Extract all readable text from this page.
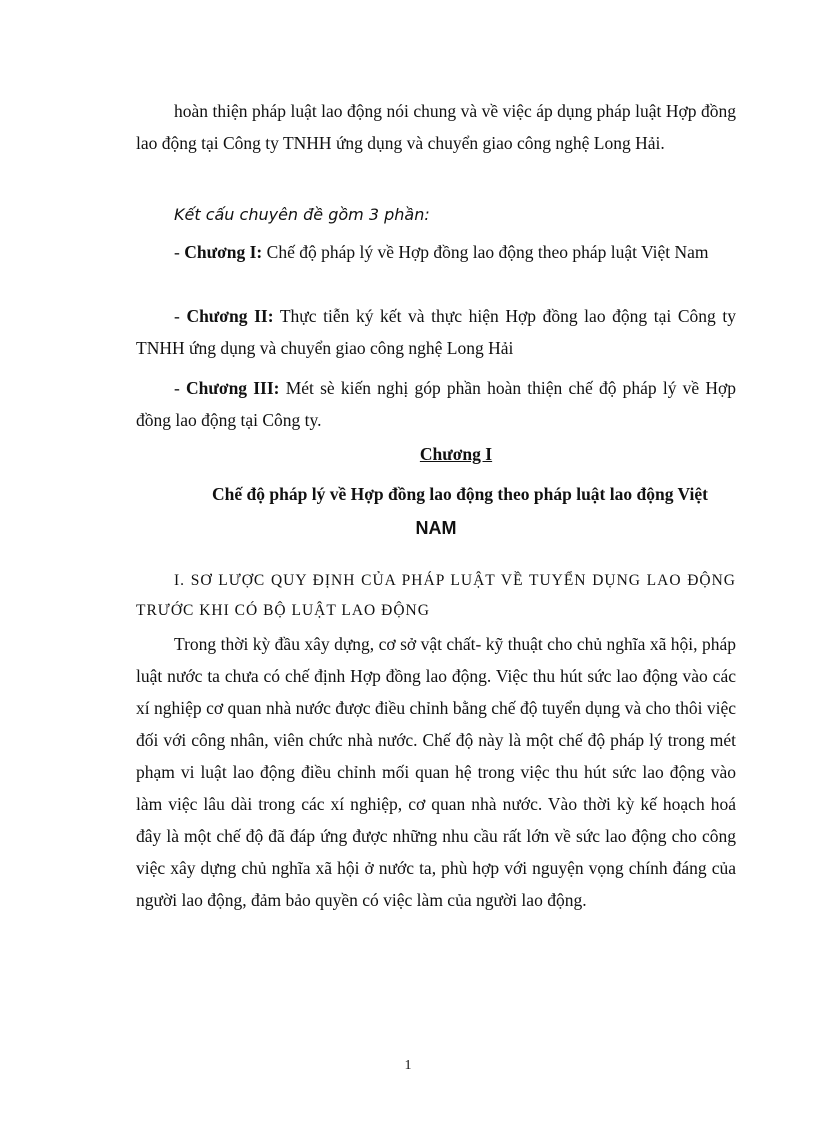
hoàn thiện pháp luật lao động nói chung và về việc áp dụng pháp luật Hợp đồng lao động tại Công ty TNHH ứng dụng và chuyển giao công nghệ Long Hải.
Kết cấu chuyên đề gồm 3 phần:
- Chương I: Chế độ pháp lý về Hợp đồng lao động theo pháp luật Việt Nam
- Chương II: Thực tiễn ký kết và thực hiện Hợp đồng lao động tại Công ty TNHH ứng dụng và chuyển giao công nghệ Long Hải
- Chương III: Mét sè kiến nghị góp phần hoàn thiện chế độ pháp lý về Hợp đồng lao động tại Công ty.
Chương I
Chế độ pháp lý về Hợp đồng lao động theo pháp luật lao động Việt
NAM
I. SƠ LƯỢC QUY ĐỊNH CỦA PHÁP LUẬT VỀ TUYỂN DỤNG LAO ĐỘNG TRƯỚC KHI CÓ BỘ LUẬT LAO ĐỘNG
Trong thời kỳ đầu xây dựng, cơ sở vật chất- kỹ thuật cho chủ nghĩa xã hội, pháp luật nước ta chưa có chế định Hợp đồng lao động. Việc thu hút sức lao động vào các xí nghiệp cơ quan nhà nước được điều chỉnh bằng chế độ tuyển dụng và cho thôi việc đối với công nhân, viên chức nhà nước. Chế độ này là một chế độ pháp lý trong mét phạm vi luật lao động điều chỉnh mối quan hệ trong việc thu hút sức lao động vào làm việc lâu dài trong các xí nghiệp, cơ quan nhà nước. Vào thời kỳ kế hoạch hoá đây là một chế độ đã đáp ứng được những nhu cầu rất lớn về sức lao động cho công việc xây dựng chủ nghĩa xã hội ở nước ta, phù hợp với nguyện vọng chính đáng của người lao động, đảm bảo quyền có việc làm của người lao động.
1
